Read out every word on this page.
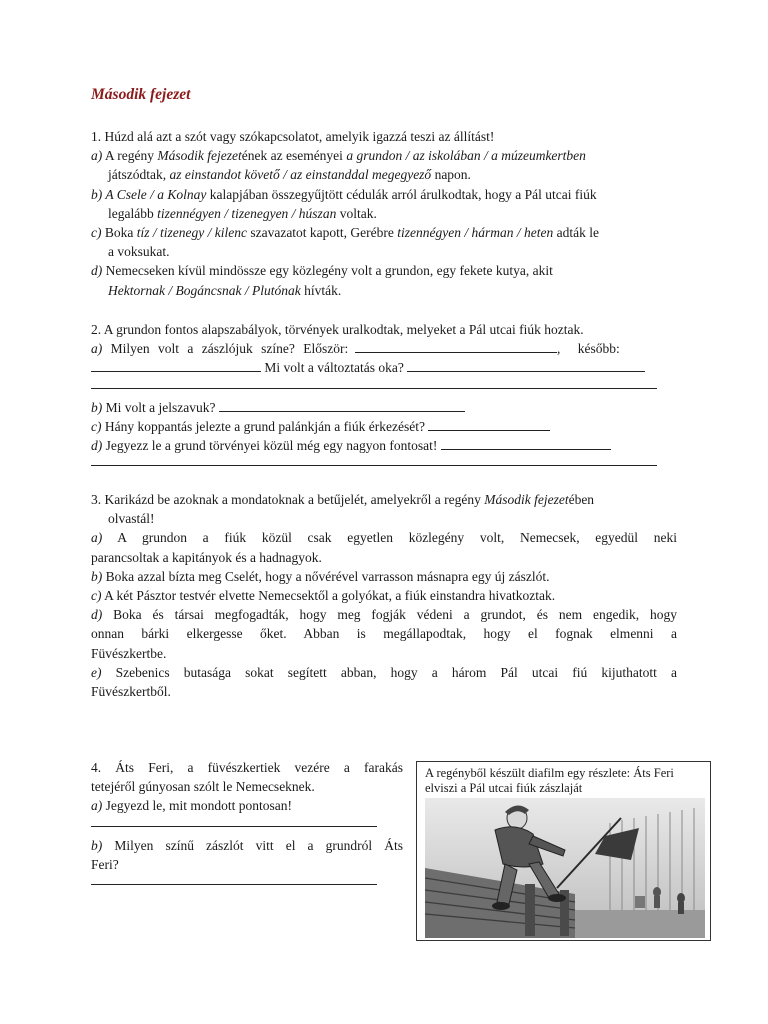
Második fejezet
1. Húzd alá azt a szót vagy szókapcsolatot, amelyik igazzá teszi az állítást!
a) A regény Második fejezetének az eseményei a grundon / az iskolában / a múzeumkertben
játszódtak, az einstandot követő / az einstanddal megegyező napon.
b) A Csele / a Kolnay kalapjában összegyűjtött cédulák arról árulkodtak, hogy a Pál utcai fiúk
legalább tizennégyen / tizenegyen / húszan voltak.
c) Boka tíz / tizenegy / kilenc szavazatot kapott, Gerébre tizennégyen / hárman / heten adták le
a voksukat.
d) Nemecseken kívül mindössze egy közlegény volt a grundon, egy fekete kutya, akit
Hektornak / Bogáncsnak / Plutónak hívták.
2. A grundon fontos alapszabályok, törvények uralkodtak, melyeket a Pál utcai fiúk hoztak.
a) Milyen volt a zászlójuk színe? Először:	, később:
Mi volt a változtatás oka?
b) Mi volt a jelszavuk?
c) Hány koppantás jelezte a grund palánkján a fiúk érkezését?
d) Jegyezz le a grund törvényei közül még egy nagyon fontosat!
3. Karikázd be azoknak a mondatoknak a betűjelét, amelyekről a regény Második fejezetében
olvastál!
a) A grundon a fiúk közül csak egyetlen közlegény volt, Nemecsek, egyedül neki
parancsoltak a kapitányok és a hadnagyok.
b) Boka azzal bízta meg Cselét, hogy a nővérével varrasson másnapra egy új zászlót.
c) A két Pásztor testvér elvette Nemecsektől a golyókat, a fiúk einstandra hivatkoztak.
d) Boka és társai megfogadták, hogy meg fogják védeni a grundot, és nem engedik, hogy
onnan bárki elkergesse őket. Abban is megállapodtak, hogy el fognak elmenni a
Füvészkertbe.
e) Szebenics butasága sokat segített abban, hogy a három Pál utcai fiú kijuthatott a
Füvészkertből.
4. Áts Feri, a füvészkertiek vezére a farakás
tetejéről gúnyosan szólt le Nemecseknek.
a) Jegyezd le, mit mondott pontosan!
b) Milyen színű zászlót vitt el a grundról Áts
Feri?
A regényből készült diafilm egy részlete: Áts Feri elviszi a Pál utcai fiúk zászlaját
